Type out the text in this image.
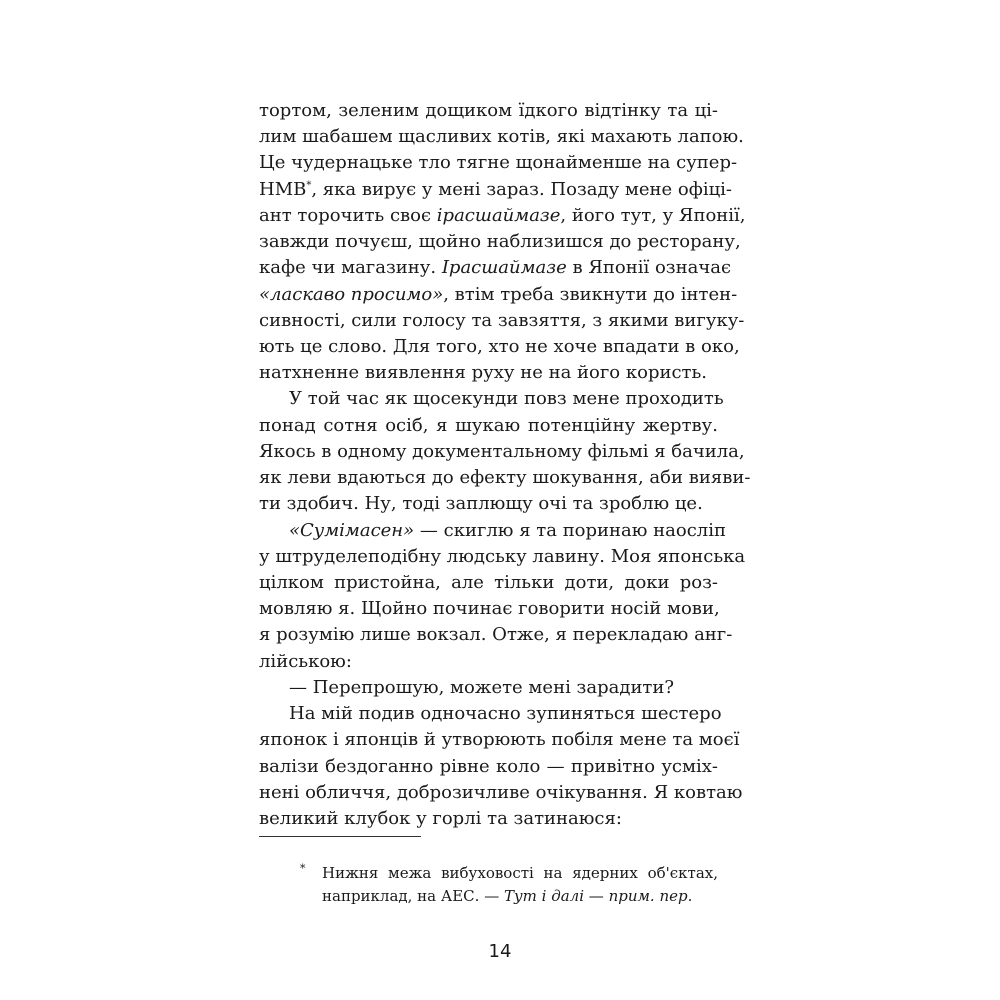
тортом, зеленим дощиком їдкого відтінку та ці-
лим шабашем щасливих котів, які махають лапою.
Це чудернацьке тло тягне щонайменше на супер-
НМВ*, яка вирує у мені зараз. Позаду мене офіці-
ант торочить своє ірасшаймазе, його тут, у Японії,
завжди почуєш, щойно наблизишся до ресторану,
кафе чи магазину. Ірасшаймазе в Японії означає
«ласкаво просимо», втім треба звикнути до інтен-
сивності, сили голосу та завзяття, з якими вигуку-
ють це слово. Для того, хто не хоче впадати в око,
натхненне виявлення руху не на його користь.
У той час як щосекунди повз мене проходить
понад сотня осіб, я шукаю потенційну жертву.
Якось в одному документальному фільмі я бачила,
як леви вдаються до ефекту шокування, аби вияви-
ти здобич. Ну, тоді заплющу очі та зроблю це.
«Сумімасен» — скиглю я та поринаю наосліп
у штруделеподібну людську лавину. Моя японська
цілком пристойна, але тільки доти, доки роз-
мовляю я. Щойно починає говорити носій мови,
я розумію лише вокзал. Отже, я перекладаю анг-
лійською:
— Перепрошую, можете мені зарадити?
* Нижня межа вибуховості на ядерних об'єктах,
наприклад, на АЕС. — Тут і далі — прим. пер.
14
На мій подив одночасно зупиняться шестеро
японок і японців й утворюють побіля мене та моєї
валізи бездоганно рівне коло — привітно усміх-
нені обличчя, доброзичливе очікування. Я ковтаю
великий клубок у горлі та затинаюся:
